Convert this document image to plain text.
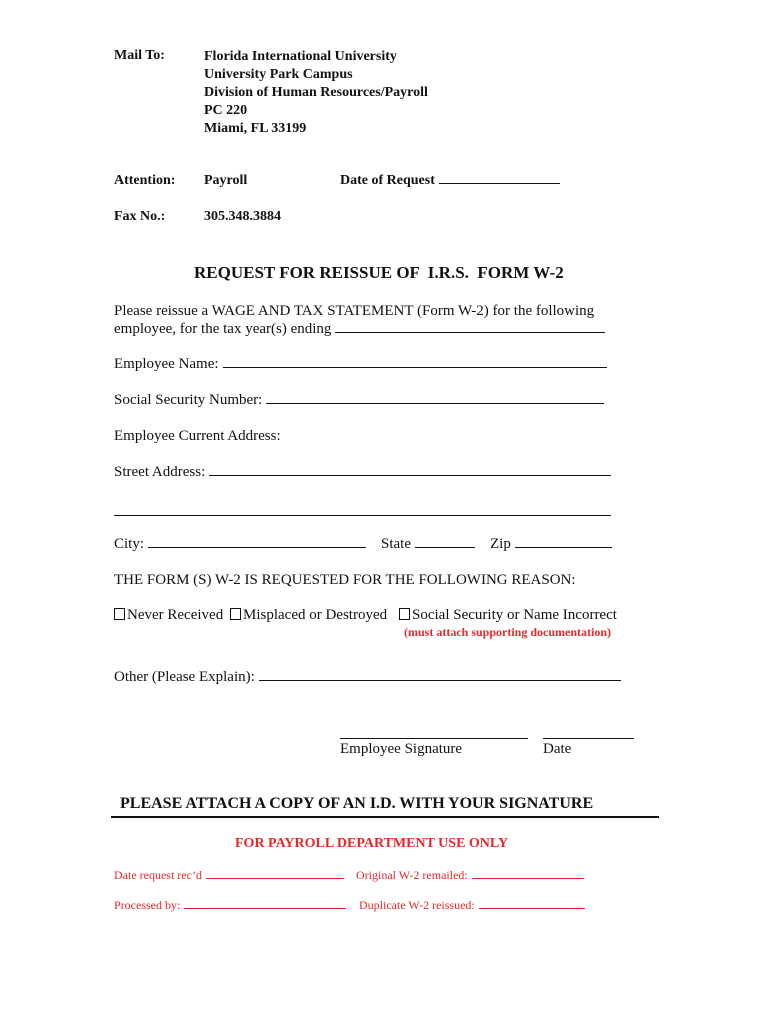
Mail To:	Florida International University
University Park Campus
Division of Human Resources/Payroll
PC 220
Miami, FL 33199
Attention: Payroll	Date of Request
Fax No.:	305.348.3884
REQUEST FOR REISSUE OF  I.R.S.  FORM W-2
Please reissue a WAGE AND TAX STATEMENT (Form W-2) for the following
employee, for the tax year(s) ending
Employee Name:
Social Security Number:
Employee Current Address:
Street Address:
City:	State	Zip
THE FORM (S) W-2 IS REQUESTED FOR THE FOLLOWING REASON:
Never Received	Misplaced or Destroyed	Social Security or Name Incorrect
(must attach supporting documentation)
Other (Please Explain):
Employee Signature	Date
PLEASE ATTACH A COPY OF AN I.D. WITH YOUR SIGNATURE
FOR PAYROLL DEPARTMENT USE ONLY
Date request rec’d	Original W-2 remailed:
Processed by:	Duplicate W-2 reissued:
